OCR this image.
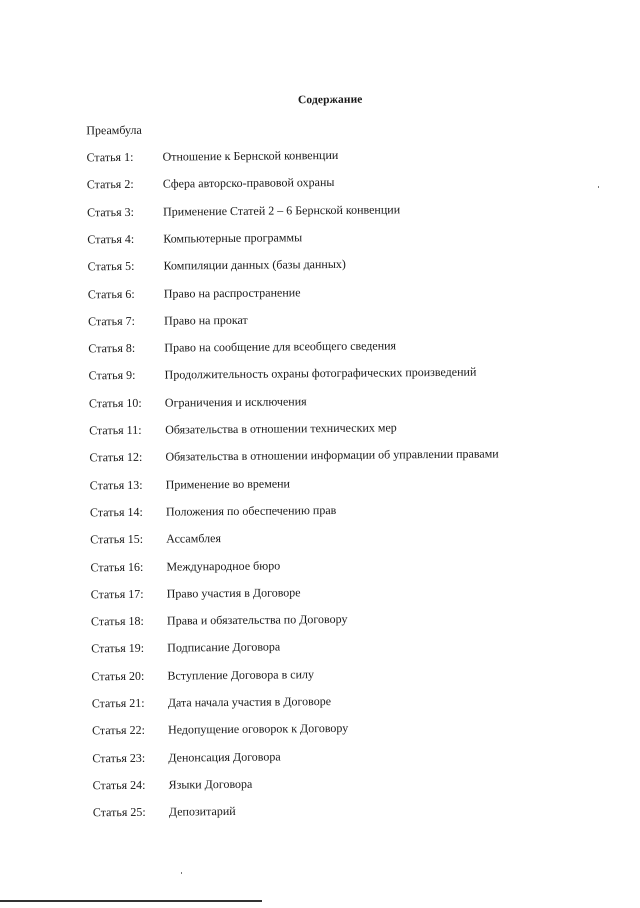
Содержание
Преамбула
Статья 1: Отношение к Бернской конвенции
Статья 2: Сфера авторско-правовой охраны
Статья 3: Применение Статей 2 – 6 Бернской конвенции
Статья 4: Компьютерные программы
Статья 5: Компиляции данных (базы данных)
Статья 6: Право на распространение
Статья 7: Право на прокат
Статья 8: Право на сообщение для всеобщего сведения
Статья 9: Продолжительность охраны фотографических произведений
Статья 10: Ограничения и исключения
Статья 11: Обязательства в отношении технических мер
Статья 12: Обязательства в отношении информации об управлении правами
Статья 13: Применение во времени
Статья 14: Положения по обеспечению прав
Статья 15: Ассамблея
Статья 16: Международное бюро
Статья 17: Право участия в Договоре
Статья 18: Права и обязательства по Договору
Статья 19: Подписание Договора
Статья 20: Вступление Договора в силу
Статья 21: Дата начала участия в Договоре
Статья 22: Недопущение оговорок к Договору
Статья 23: Денонсация Договора
Статья 24: Языки Договора
Статья 25: Депозитарий
